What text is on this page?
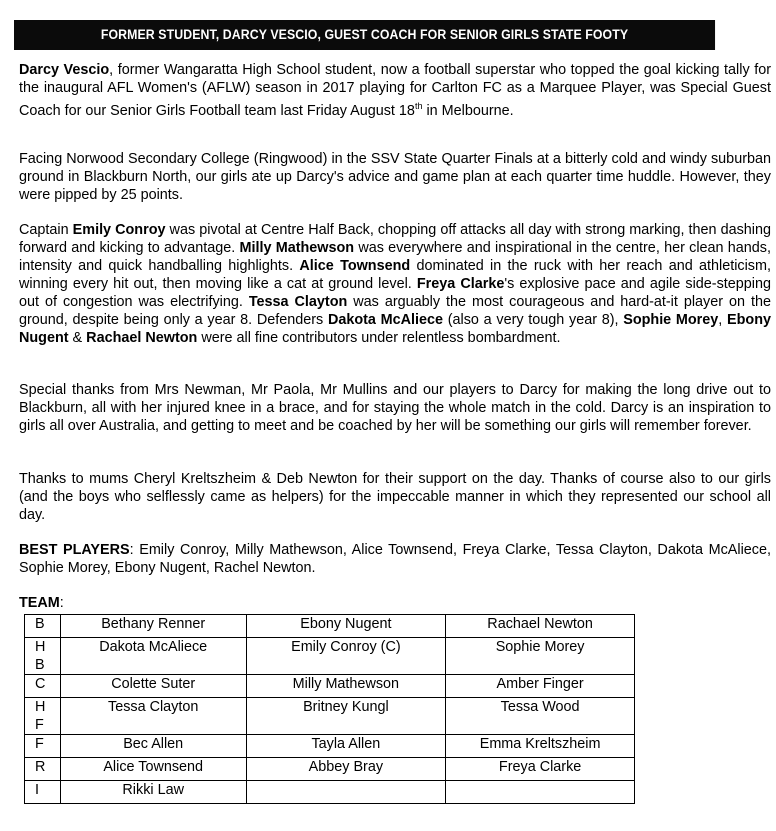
FORMER STUDENT, DARCY VESCIO, GUEST COACH FOR SENIOR GIRLS STATE FOOTY
Darcy Vescio, former Wangaratta High School student, now a football superstar who topped the goal kicking tally for the inaugural AFL Women's (AFLW) season in 2017 playing for Carlton FC as a Marquee Player, was Special Guest Coach for our Senior Girls Football team last Friday August 18th in Melbourne.
Facing Norwood Secondary College (Ringwood) in the SSV State Quarter Finals at a bitterly cold and windy suburban ground in Blackburn North, our girls ate up Darcy's advice and game plan at each quarter time huddle. However, they were pipped by 25 points.
Captain Emily Conroy was pivotal at Centre Half Back, chopping off attacks all day with strong marking, then dashing forward and kicking to advantage. Milly Mathewson was everywhere and inspirational in the centre, her clean hands, intensity and quick handballing highlights. Alice Townsend dominated in the ruck with her reach and athleticism, winning every hit out, then moving like a cat at ground level. Freya Clarke's explosive pace and agile side-stepping out of congestion was electrifying. Tessa Clayton was arguably the most courageous and hard-at-it player on the ground, despite being only a year 8. Defenders Dakota McAliece (also a very tough year 8), Sophie Morey, Ebony Nugent & Rachael Newton were all fine contributors under relentless bombardment.
Special thanks from Mrs Newman, Mr Paola, Mr Mullins and our players to Darcy for making the long drive out to Blackburn, all with her injured knee in a brace, and for staying the whole match in the cold. Darcy is an inspiration to girls all over Australia, and getting to meet and be coached by her will be something our girls will remember forever.
Thanks to mums Cheryl Kreltszheim & Deb Newton for their support on the day. Thanks of course also to our girls (and the boys who selflessly came as helpers) for the impeccable manner in which they represented our school all day.
BEST PLAYERS: Emily Conroy, Milly Mathewson, Alice Townsend, Freya Clarke, Tessa Clayton, Dakota McAliece, Sophie Morey, Ebony Nugent, Rachel Newton.
TEAM:
B	Bethany Renner	Ebony Nugent	Rachael Newton
H
B	Dakota McAliece	Emily Conroy (C)	Sophie Morey
C	Colette Suter	Milly Mathewson	Amber Finger
H
F	Tessa Clayton	Britney Kungl	Tessa Wood
F	Bec Allen	Tayla Allen	Emma Kreltszheim
R	Alice Townsend	Abbey Bray	Freya Clarke
I	Rikki Law		
